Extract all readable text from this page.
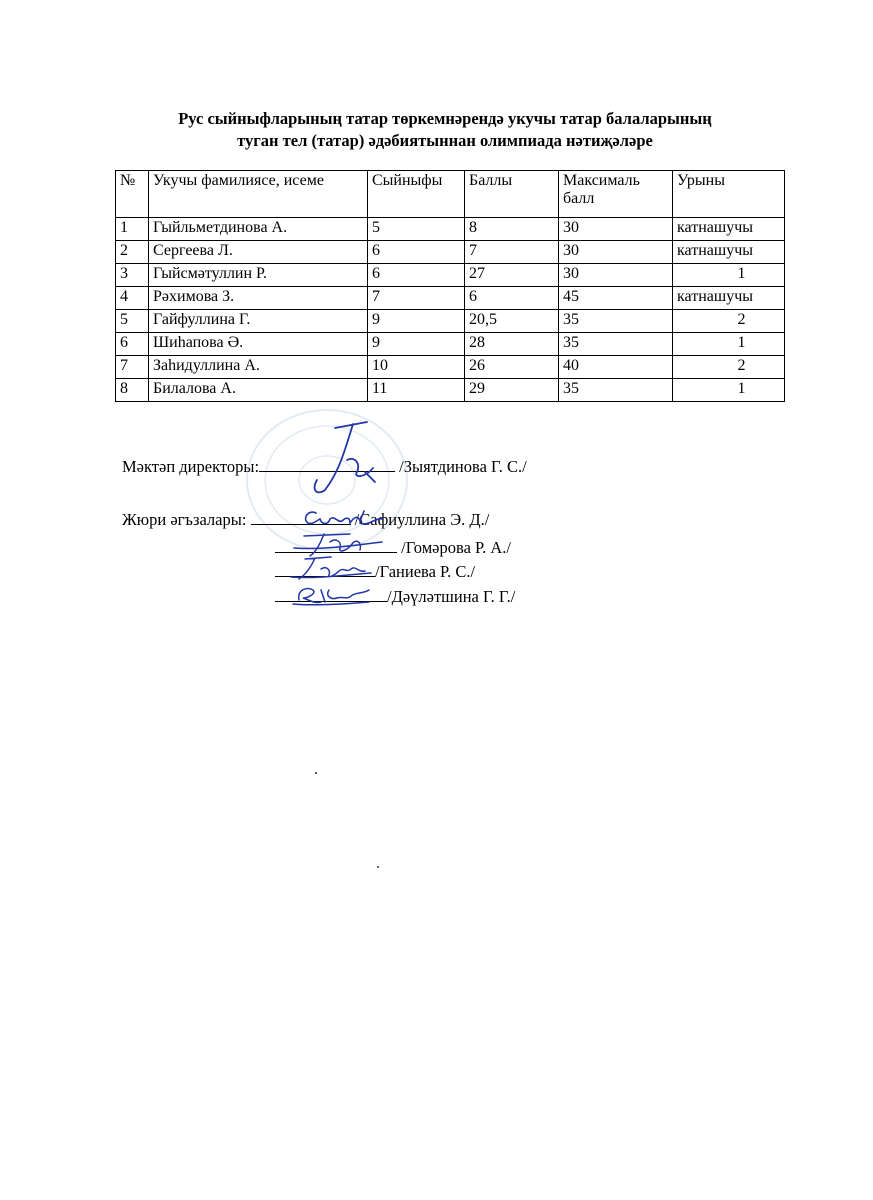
Рус сыйныфларының татар төркемнәрендә укучы татар балаларының
туган тел (татар) әдәбиятыннан олимпиада нәтиҗәләре
№	Укучы фамилиясе, исеме	Сыйныфы	Баллы	Максималь балл	Урыны
1	Гыйльметдинова А.	5	8	30	катнашучы
2	Сергеева Л.	6	7	30	катнашучы
3	Гыйсмәтуллин Р.	6	27	30	1
4	Рәхимова З.	7	6	45	катнашучы
5	Гайфуллина Г.	9	20,5	35	2
6	Шиһапова Ә.	9	28	35	1
7	Заһидуллина А.	10	26	40	2
8	Билалова А.	11	29	35	1
Мәктәп директоры:	/Зыятдинова Г. С./
Жюри әгъзалары:	/Сафиуллина Э. Д./
/Гомәрова Р. А./
/Ганиева Р. С./
/Дәүләтшина Г. Г./
